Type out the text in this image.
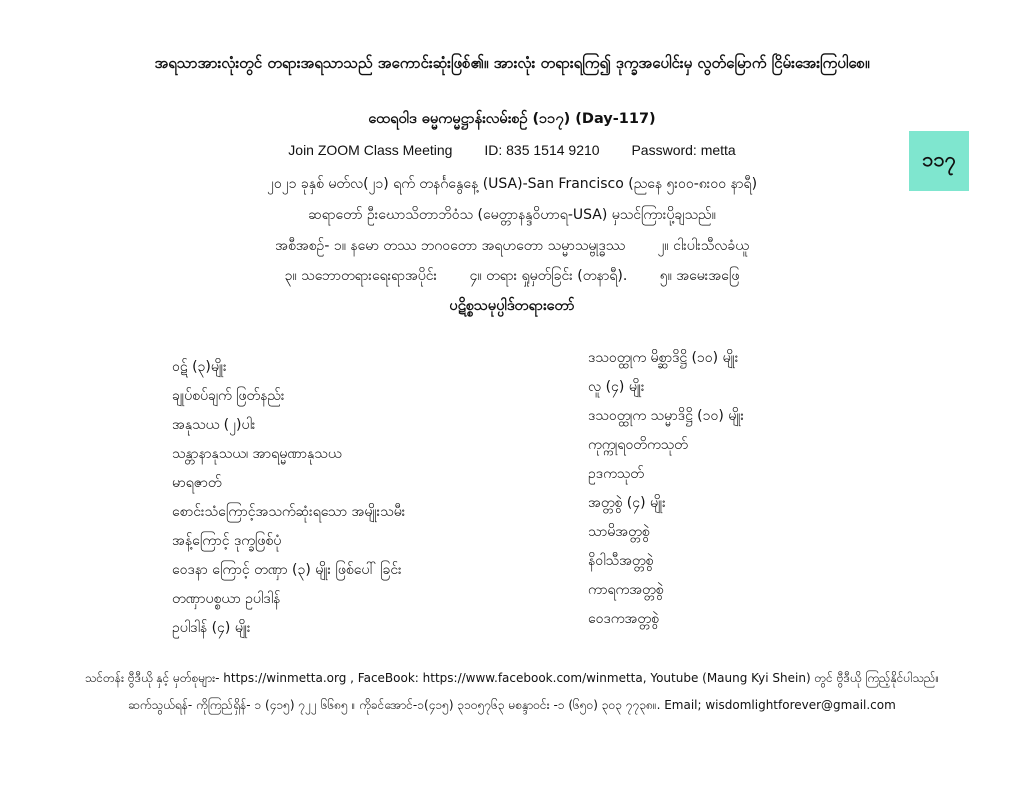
အရသာအားလုံးတွင် တရားအရသာသည် အကောင်းဆုံးဖြစ်၏။ အားလုံး တရားရကြ၍ ဒုက္ခအပေါင်းမှ လွတ်မြောက် ငြိမ်းအေးကြပါစေ။
ထေရဝါဒ ဓမ္မကမ္မဋ္ဌာန်းလမ်းစဥ် (၁၁၇) (Day-117)
Join ZOOM Class Meeting ID: 835 1514 9210 Password: metta
၂၀၂၁ ခုနှစ် မတ်လ(၂၁) ရက် တနင်္ဂနွေနေ့ (USA)-San Francisco (ညနေ ၅း၀၀-၈း၀၀ နာရီ)
ဆရာတော် ဦးဃောသိတာဘိဝံသ (မေတ္တာနန္ဒဝိဟာရ-USA) မှသင်ကြားပို့ချသည်။
အစီအစဥ်- ၁။ နမော တဿ ဘဂဝတော အရဟတော သမ္မာသမ္ဗုဒ္ဓဿ ၂။ ငါးပါးသီလခံယူ
၃။ သဘောတရားရေးရာအပိုင်း ၄။ တရား ရှုမှတ်ခြင်း (တနာရီ). ၅။ အမေးအဖြေ
၁၁၇
ပဋိစ္စသမုပ္ပါဒ်တရားတော်
ဝဋ် (၃)မျိုး
ချုပ်စပ်ချက် ဖြတ်နည်း
အနုသယ (၂)ပါး
သန္တာနာနုသယ၊ အာရမ္မဏာနုသယ
မာရဇာတ်
စောင်းသံကြောင့်အသက်ဆုံးရသော အမျိုးသမီး
အန့်ကြောင့် ဒုက္ခဖြစ်ပုံ
ဝေဒနာ ကြောင့် တဏှာ (၃) မျိုး ဖြစ်ပေါ် ခြင်း
တဏှာပစ္စယာ ဥပါဒါန်
ဥပါဒါန် (၄) မျိုး
ဒသဝတ္ထုက မိစ္ဆာဒိဋ္ဌိ (၁၀) မျိုး
လူ (၄) မျိုး
ဒသဝတ္ထုက သမ္မာဒိဋ္ဌိ (၁၀) မျိုး
ကုက္ကုရဝတိကသုတ်
ဥဒကသုတ်
အတ္တစွဲ (၄) မျိုး
သာမိအတ္တစွဲ
နိဝါသီအတ္တစွဲ
ကာရကအတ္တစွဲ
ဝေဒကအတ္တစွဲ
သင်တန်း ဗွီဒီယို နှင့် မှတ်စုများ- https://winmetta.org , FaceBook: https://www.facebook.com/winmetta, Youtube (Maung Kyi Shein) တွင် ဗွီဒီယို ကြည့်နိုင်ပါသည်။
ဆက်သွယ်ရန်- ကိုကြည်ရှိန်- ၁ (၄၁၅) ၇၂၂ ၆၆၈၅ ။ ကိုခင်အောင်-၁(၄၁၅) ၃၁၀၅၇၆၃ မစန္ဒာဝင်း -၁ (၆၅၀) ၃၀၃ ၇၇၃၈။. Email; wisdomlightforever@gmail.com
